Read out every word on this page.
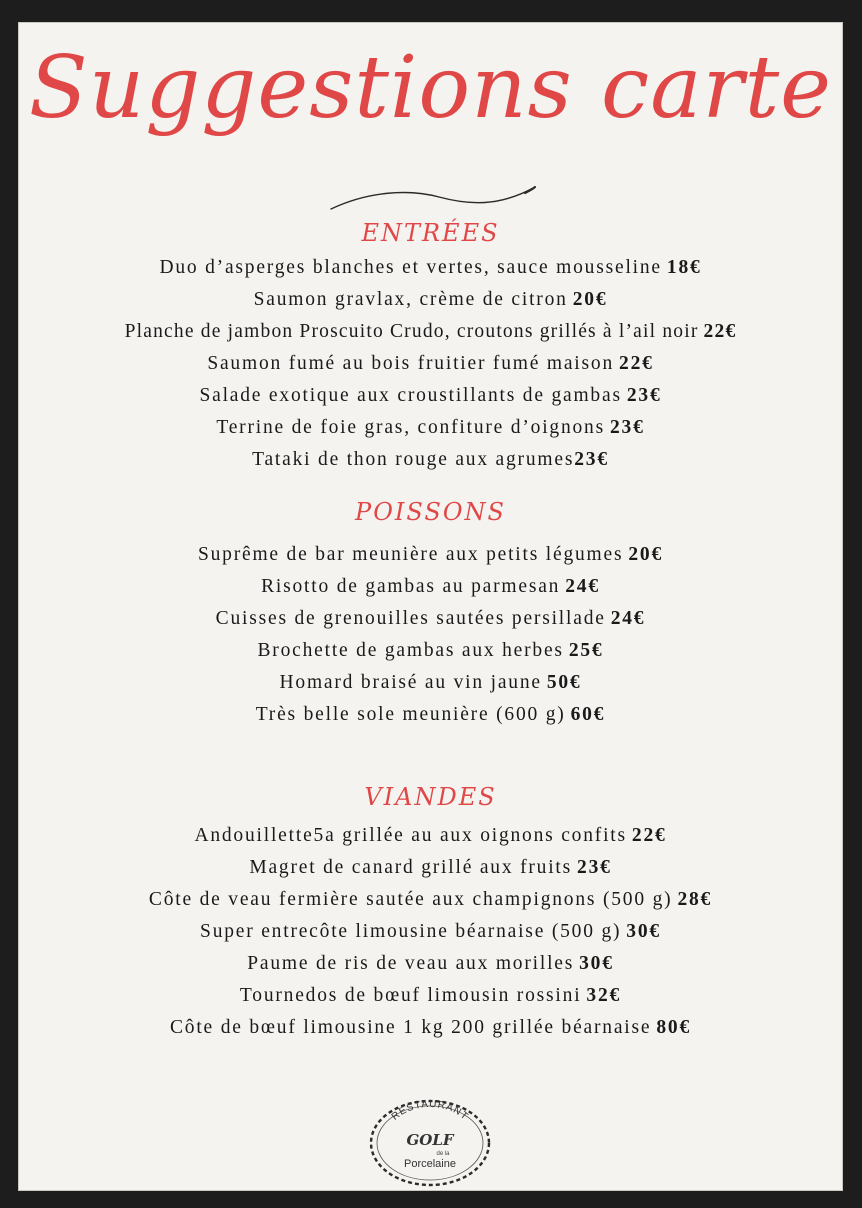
Suggestions carte
ENTRÉES
Duo d’asperges blanches et vertes, sauce mousseline 18€
Saumon gravlax, crème de citron 20€
Planche de jambon Proscuito Crudo, croutons grillés à l’ail noir 22€
Saumon fumé au bois fruitier fumé maison 22€
Salade exotique aux croustillants de gambas 23€
Terrine de foie gras, confiture d’oignons 23€
Tataki de thon rouge aux agrumes23€
POISSONS
Suprême de bar meunière aux petits légumes 20€
Risotto de gambas au parmesan 24€
Cuisses de grenouilles sautées persillade 24€
Brochette de gambas aux herbes 25€
Homard braisé au vin jaune 50€
Très belle sole meunière (600 g) 60€
VIANDES
Andouillette5a grillée au aux oignons confits 22€
Magret de canard grillé aux fruits 23€
Côte de veau fermière sautée aux champignons (500 g) 28€
Super entrecôte limousine béarnaise (500 g) 30€
Paume de ris de veau aux morilles 30€
Tournedos de bœuf limousin rossini 32€
Côte de bœuf limousine 1 kg 200 grillée béarnaise 80€
RESTAURANT
GOLF
de la
Porcelaine
